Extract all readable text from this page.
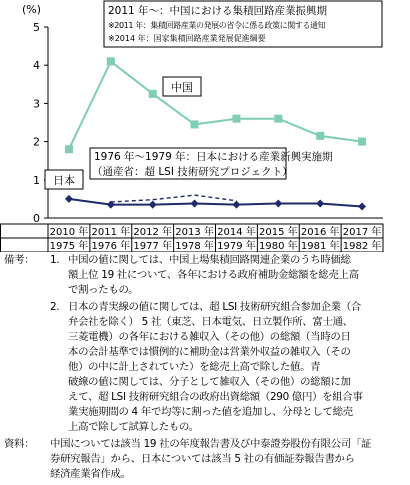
0
1
2
3
4
5
(%)	2011 年〜：中国における集積回路産業振興期
※2011 年：集積回路産業の発展の省令に係る政策に関する通知
※2014 年：国家集積回路産業発展促進綱要
1976 年〜1979 年：日本における産業新興実施期
（通産省：超 LSI 技術研究プロジェクト）
中国
日本
2010 年 2011 年 2012 年 2013 年 2014 年 2015 年 2016 年 2017 年
1975 年 1976 年 1977 年 1978 年 1979 年 1980 年 1981 年 1982 年
備考：	1. 中国の値に関しては、中国上場集積回路関連企業のうち時価総
額上位 19 社について、各年における政府補助金総額を総売上高
で割ったもの。
2. 日本の青実線の値に関しては、超 LSI 技術研究組合参加企業（合
弁会社を除く） 5 社（東芝、日本電気、日立製作所、富士通、
三菱電機）の各年における雑収入（その他）の総額（当時の日
本の会計基準では慣例的に補助金は営業外収益の雑収入（その
他）の中に計上されていた）を総売上高で除した値。青
破線の値に関しては、分子として雑収入（その他）の総額に加
えて、超 LSI 技術研究組合の政府出資総額（290 億円）を組合事
業実施期間の 4 年で均等に割った値を追加し、分母として総売
上高で除して試算したもの。
資料：	中国については該当 19 社の年度報告書及び中泰證券股份有限公司「証
券研究報告」から、日本については該当 5 社の有価証券報告書から
経済産業省作成。
